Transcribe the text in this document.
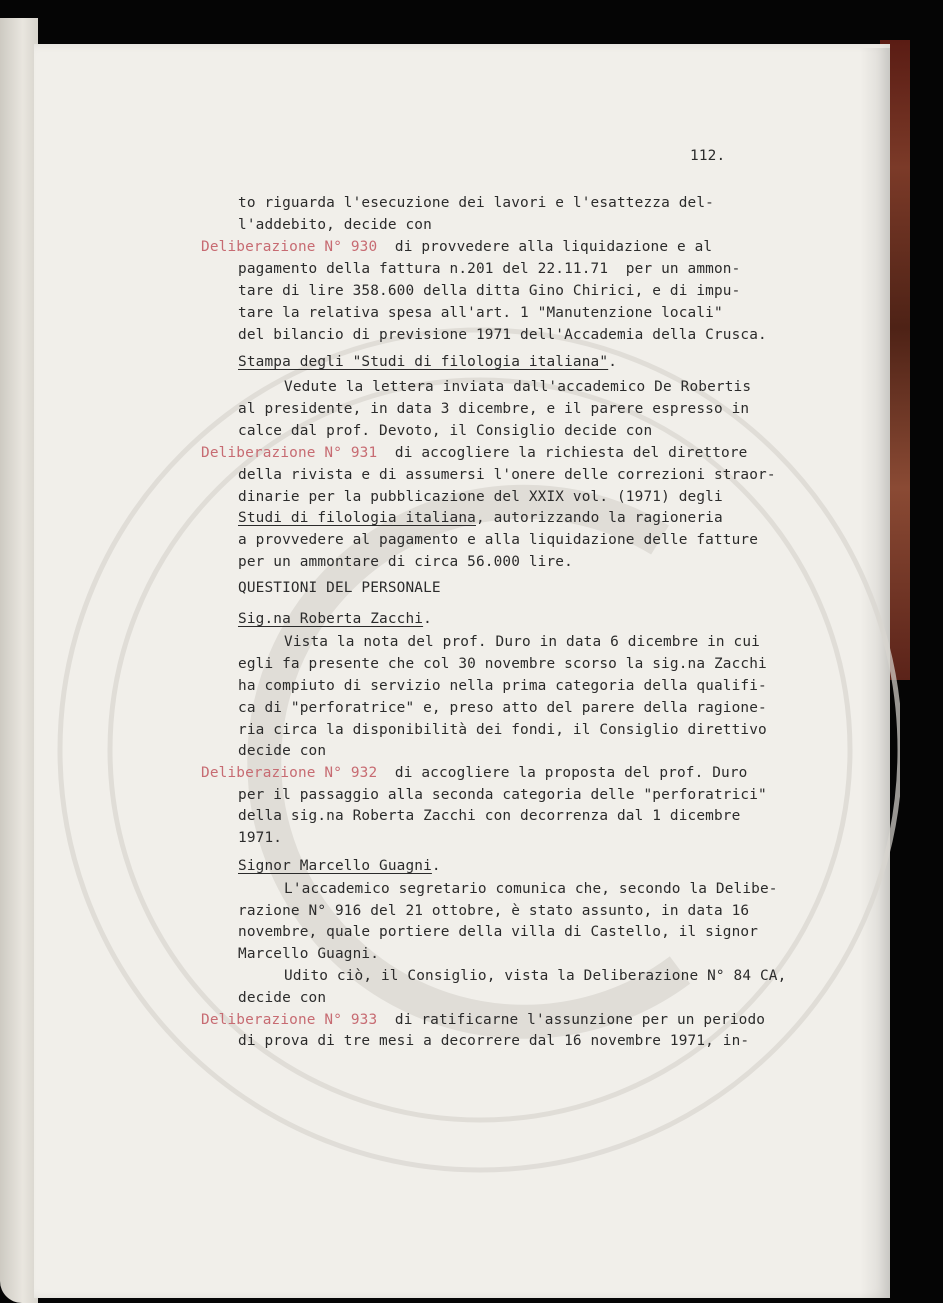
112.

to riguarda l'esecuzione dei lavori e l'esattezza del-

l'addebito, decide con

Deliberazione N° 930 di provvedere alla liquidazione e al

pagamento della fattura n.201 del 22.11.71  per un ammon-

tare di lire 358.600 della ditta Gino Chirici, e di impu-

tare la relativa spesa all'art. 1 "Manutenzione locali"

del bilancio di previsione 1971 dell'Accademia della Crusca.

Stampa degli "Studi di filologia italiana".

Vedute la lettera inviata dall'accademico De Robertis

al presidente, in data 3 dicembre, e il parere espresso in

calce dal prof. Devoto, il Consiglio decide con

Deliberazione N° 931 di accogliere la richiesta del direttore

della rivista e di assumersi l'onere delle correzioni straor-

dinarie per la pubblicazione del XXIX vol. (1971) degli

Studi di filologia italiana, autorizzando la ragioneria

a provvedere al pagamento e alla liquidazione delle fatture

per un ammontare di circa 56.000 lire.

QUESTIONI DEL PERSONALE

Sig.na Roberta Zacchi.

Vista la nota del prof. Duro in data 6 dicembre in cui

egli fa presente che col 30 novembre scorso la sig.na Zacchi

ha compiuto di servizio nella prima categoria della qualifi-

ca di "perforatrice" e, preso atto del parere della ragione-

ria circa la disponibilità dei fondi, il Consiglio direttivo

decide con

Deliberazione N° 932 di accogliere la proposta del prof. Duro

per il passaggio alla seconda categoria delle "perforatrici"

della sig.na Roberta Zacchi con decorrenza dal 1 dicembre

1971.

Signor Marcello Guagni.

L'accademico segretario comunica che, secondo la Delibe-

razione N° 916 del 21 ottobre, è stato assunto, in data 16

novembre, quale portiere della villa di Castello, il signor

Marcello Guagni.

Udito ciò, il Consiglio, vista la Deliberazione N° 84 CA,

decide con

Deliberazione N° 933 di ratificarne l'assunzione per un periodo

di prova di tre mesi a decorrere dal 16 novembre 1971, in-
